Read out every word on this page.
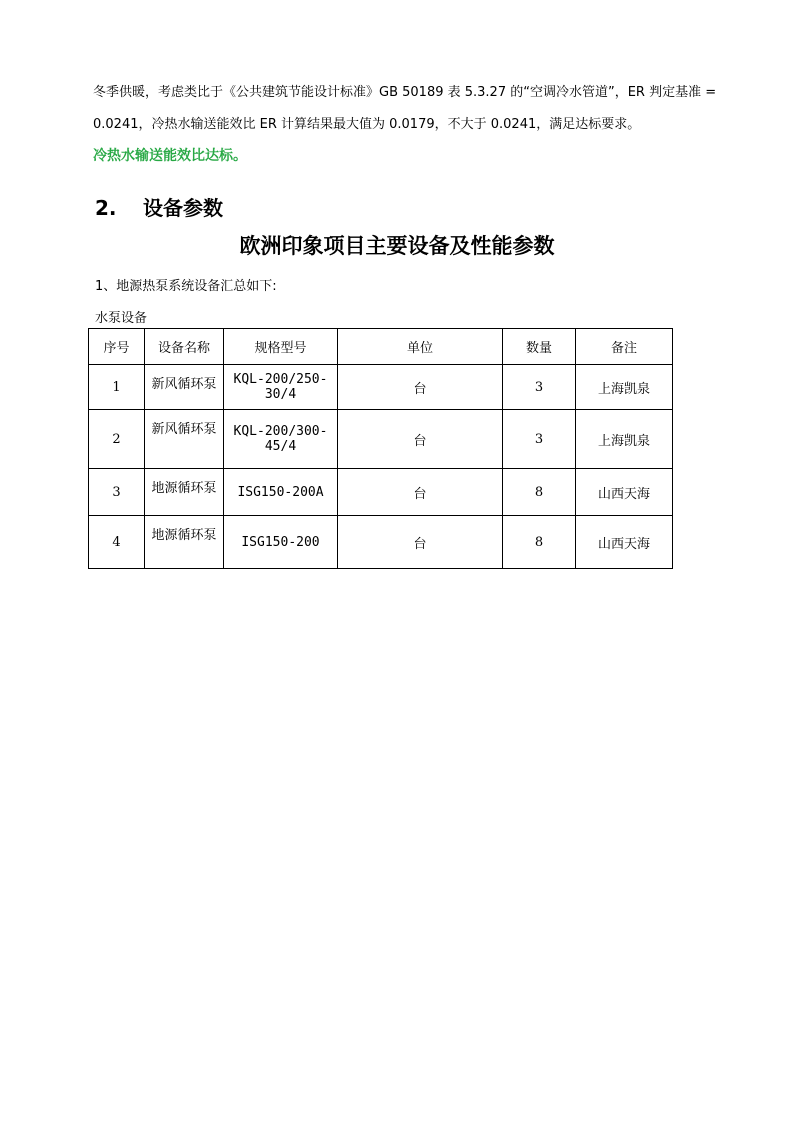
冬季供暖，考虑类比于《公共建筑节能设计标准》GB 50189 表 5.3.27 的“空调冷水管道”，ER 判定基准 =
0.0241，冷热水输送能效比 ER 计算结果最大值为 0.0179，不大于 0.0241，满足达标要求。
冷热水输送能效比达标。
2. 设备参数
欧洲印象项目主要设备及性能参数
1、地源热泵系统设备汇总如下:
水泵设备
序号	设备名称	规格型号	单位	数量	备注
1	新风循环泵	KQL-200/250-30/4	台	3	上海凯泉
2	新风循环泵	KQL-200/300-45/4	台	3	上海凯泉
3	地源循环泵	ISG150-200A	台	8	山西天海
4	地源循环泵	ISG150-200	台	8	山西天海
